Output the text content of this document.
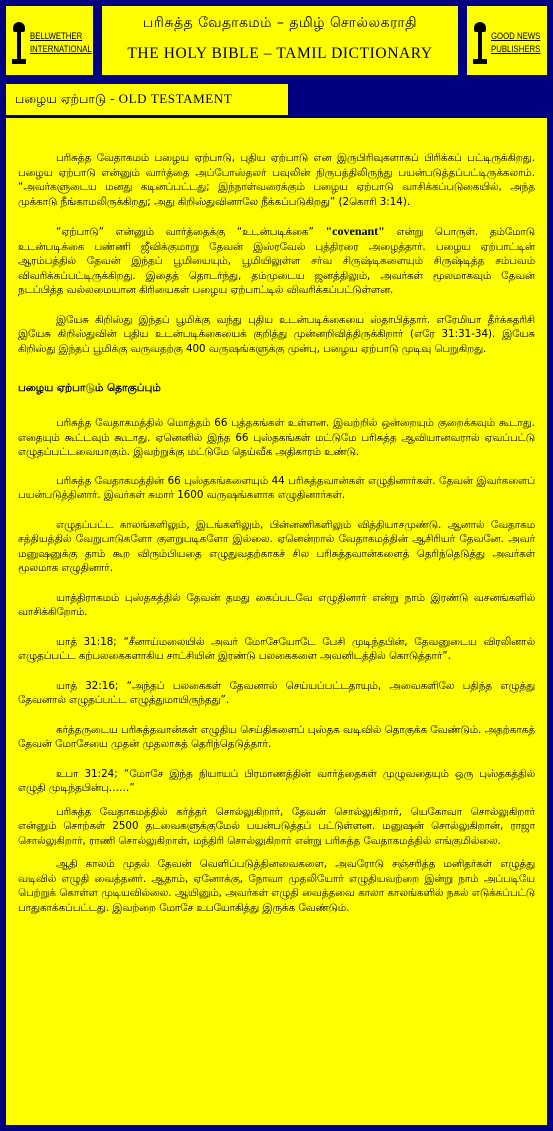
BELLWETHER
INTERNATIONAL
பரிசுத்த வேதாகமம் – தமிழ் சொல்லகராதி
THE HOLY BIBLE – TAMIL DICTIONARY
GOOD NEWS
PUBLISHERS
பழைய ஏற்பாடு - OLD TESTAMENT

பரிசுத்த வேதாகமம் பழைய ஏற்பாடு, புதிய ஏற்பாடு என இருபிரிவுகளாகப் பிரிக்கப் பட்டிருக்கிறது. பழைய ஏற்பாடு என்னும் வார்த்தை அப்போஸ்தலர் பவுலின் நிருபத்திலிருந்து பயன்படுத்தப்பட்டிருக்கலாம். “அவர்களுடைய மனது கடினப்பட்டது; இந்நாள்வரைக்கும் பழைய ஏற்பாடு வாசிக்கப்படுகையில், அந்த முக்காடு நீங்காமலிருக்கிறது; அது கிறிஸ்துவினாலே நீக்கப்படுகிறது” (2கொரி 3:14).

“ஏற்பாடு” என்னும் வார்த்தைக்கு “உடன்படிக்கை” "covenant" என்று பொருள். தம்மோடு உடன்படிக்கை பண்ணி ஜீவிக்குமாறு தேவன் இஸ்ரவேல் புத்திரரை அழைத்தார். பழைய ஏற்பாட்டின் ஆரம்பத்தில் தேவன் இந்தப் பூமியையும், பூமியிலுள்ள சர்வ சிருஷ்டிகளையும் சிருஷ்டித்த சம்பவம் விவரிக்கப்பட்டிருக்கிறது. இதைத் தொடர்ந்து, தம்முடைய ஜனத்திலும், அவர்கள் மூலமாகவும் தேவன் நடப்பித்த வல்லமையான கிரியைகள் பழைய ஏற்பாட்டில் விவரிக்கப்பட்டுள்ளன.

இயேசு கிறிஸ்து இந்தப் பூமிக்கு வந்து புதிய உடன்படிக்கையை ஸ்தாபித்தார். எரேமியா தீர்க்கதரிசி இயேசு கிறிஸ்துவின் புதிய உடன்படிக்கையைக் குறித்து முன்னறிவித்திருக்கிறார் (எரே 31:31-34). இயேசு கிறிஸ்து இந்தப் பூமிக்கு வருவதற்கு 400 வருஷங்களுக்கு முன்பு, பழைய ஏற்பாடு முடிவு பெறுகிறது.

பழைய ஏற்பாடும் தொகுப்பும்

பரிசுத்த வேதாகமத்தில் மொத்தம் 66 புத்தகங்கள் உள்ளன. இவற்றில் ஒன்றையும் குறைக்கவும் கூடாது. எதையும் கூட்டவும் கூடாது. ஏனெனில் இந்த 66 புஸ்தகங்கள் மட்டுமே பரிசுத்த ஆவியானவரால் ஏவப்பட்டு எழுதப்பட்டவையாகும். இவற்றுக்கு மட்டுமே தெய்வீக அதிகாரம் உண்டு.

பரிசுத்த வேதாகமத்தின் 66 புஸ்தகங்களையும் 44 பரிசுத்தவான்கள் எழுதினார்கள். தேவன் இவர்களைப் பயன்படுத்தினார். இவர்கள் சுமார் 1600 வருஷங்களாக எழுதினார்கள்.

எழுதப்பட்ட காலங்களிலும், இடங்களிலும், பின்னணிகளிலும் வித்தியாசமுண்டு. ஆனால் வேதாகம சத்தியத்தில் வேறுபாடுகளோ குளறுபடிகளோ இல்லை. ஏனென்றால் வேதாகமத்தின் ஆசிரியர் தேவனே. அவர் மனுஷனுக்கு தாம் கூற விரும்பியதை எழுதுவதற்காகச் சில பரிசுத்தவான்களைத் தெரிந்தெடுத்து அவர்கள் மூலமாக எழுதினார்.

யாத்திராகமம் புஸ்தகத்தில் தேவன் தமது கைப்படவே எழுதினார் என்று நாம் இரண்டு வசனங்களில் வாசிக்கிறோம்.

யாத் 31:18; “சீனாய்மலையில் அவர் மோசேயோடே பேசி முடிந்தபின், தேவனுடைய விரலினால் எழுதப்பட்ட கற்பலகைகளாகிய சாட்சியின் இரண்டு பலகைகளை அவனிடத்தில் கொடுத்தார்”.

யாத் 32:16; “அந்தப் பலகைகள் தேவனால் செய்யப்பட்டதாயும், அவைகளிலே பதிந்த எழுத்து தேவனால் எழுதப்பட்ட எழுத்துமாயிருந்தது”.

கர்த்தருடைய பரிசுத்தவான்கள் எழுதிய செய்திகளைப் புஸ்தக வடிவில் தொகுக்க வேண்டும். அதற்காகத் தேவன் மோசேயை முதன் முதலாகத் தெரிந்தெடுத்தார்.

உபா 31:24; “மோசே இந்த நியாயப் பிரமாணத்தின் வார்த்தைகள் முழுவதையும் ஒரு புஸ்தகத்தில் எழுதி முடிந்தபின்பு……”

பரிசுத்த வேதாகமத்தில் கர்த்தர் சொல்லுகிறார், தேவன் சொல்லுகிறார், யெகோவா சொல்லுகிறார் என்னும் சொற்கள் 2500 தடவைகளுக்குமேல் பயன்படுத்தப் பட்டுள்ளன. மனுஷன் சொல்லுகிறான், ராஜா சொல்லுகிறார், ராணி சொல்லுகிறாள், மந்திரி சொல்லுகிறார் என்று பரிசுத்த வேதாகமத்தில் எங்குமில்லை.

ஆதி காலம் முதல் தேவன் வெளிப்படுத்தினவைகளை, அவரோடு சஞ்சரித்த மனிதர்கள் எழுத்து வடிவில் எழுதி வைத்தனர். ஆதாம், ஏனோக்கு, நோவா முதலியோர் எழுதியவற்றை இன்று நாம் அப்படியே பெற்றுக் கொள்ள முடியவில்லை. ஆயினும், அவர்கள் எழுதி வைத்தவை காலா காலங்களில் நகல் எடுக்கப்பட்டு பாதுகாக்கப்பட்டது. இவற்றை மோசே உபயோகித்து இருக்க வேண்டும்.
